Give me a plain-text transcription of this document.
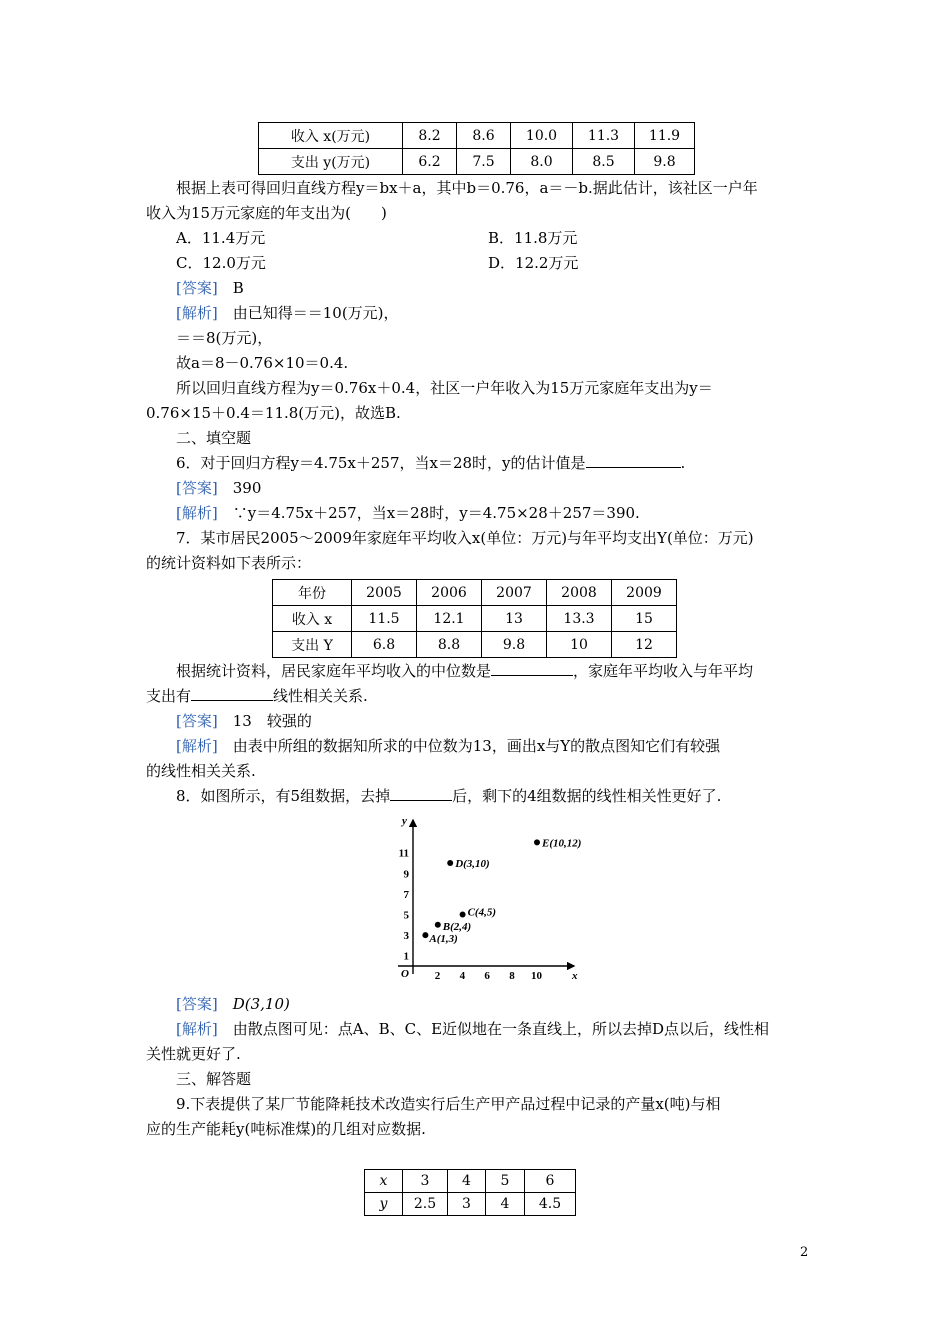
收入 x(万元)	8.2	8.6	10.0	11.3	11.9
支出 y(万元)	6.2	7.5	8.0	8.5	9.8
根据上表可得回归直线方程y＝bx＋a，其中b＝0.76，a＝－b.据此估计，该社区一户年
收入为15万元家庭的年支出为(　　)
A．11.4万元	B．11.8万元
C．12.0万元	D．12.2万元
[答案]　 B
[解析]　 由已知得＝＝10(万元)，
＝＝8(万元)，
故a＝8－0.76×10＝0.4.
所以回归直线方程为y＝0.76x＋0.4，社区一户年收入为15万元家庭年支出为y＝
0.76×15＋0.4＝11.8(万元)，故选B.
二、填空题
6．对于回归方程y＝4.75x＋257，当x＝28时，y的估计值是	.
[答案]　 390
[解析]　 ∵y＝4.75x＋257，当x＝28时，y＝4.75×28＋257＝390.
7．某市居民2005～2009年家庭年平均收入x(单位：万元)与年平均支出Y(单位：万元)
的统计资料如下表所示：
年份	2005	2006	2007	2008	2009
收入 x	11.5	12.1	13	13.3	15
支出 Y	6.8	8.8	9.8	10	12
根据统计资料，居民家庭年平均收入的中位数是	，家庭年平均收入与年平均
支出有	线性相关关系.
[答案]　 13　较强的
[解析]　 由表中所组的数据知所求的中位数为13，画出x与Y的散点图知它们有较强
的线性相关关系.
8．如图所示，有5组数据，去掉	后，剩下的4组数据的线性相关性更好了.
O	x
y
2 4 6 8 10
1
3
5
7
9
11
A(1,3)
B(2,4)
C(4,5)
D(3,10)
E(10,12)
[答案]　 D(3,10)
[解析]　 由散点图可见：点A、B、C、E近似地在一条直线上，所以去掉D点以后，线性相
关性就更好了.
三、解答题
9.下表提供了某厂节能降耗技术改造实行后生产甲产品过程中记录的产量x(吨)与相
应的生产能耗y(吨标准煤)的几组对应数据.
x	3	4	5	6
y	2.5	3	4	4.5
2
